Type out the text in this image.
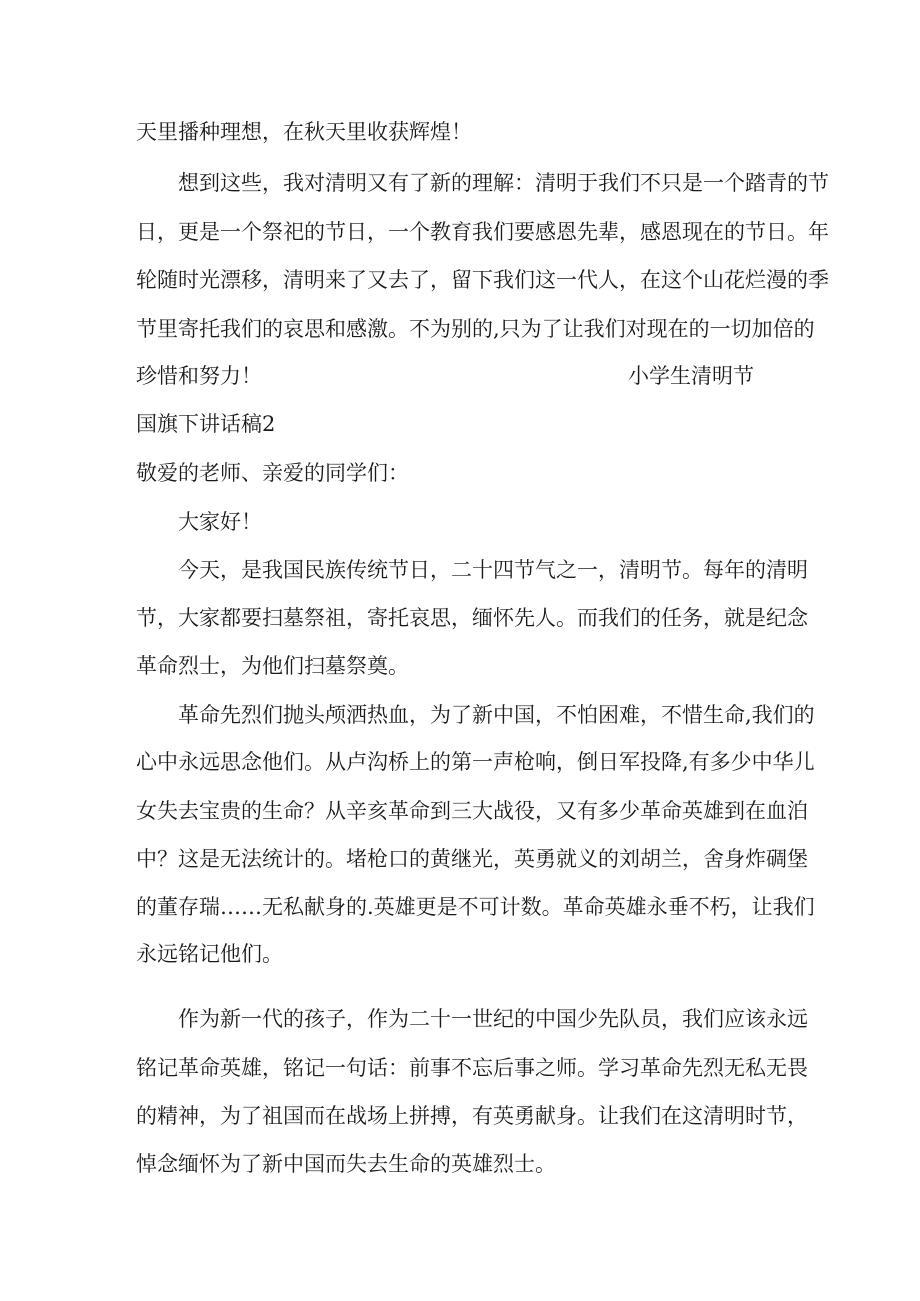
天里播种理想，在秋天里收获辉煌！
想到这些，我对清明又有了新的理解：清明于我们不只是一个踏青的节
日，更是一个祭祀的节日，一个教育我们要感恩先辈，感恩现在的节日。年
轮随时光漂移，清明来了又去了，留下我们这一代人，在这个山花烂漫的季
节里寄托我们的哀思和感激。不为别的,只为了让我们对现在的一切加倍的
珍惜和努力！	小学生清明节
国旗下讲话稿2
敬爱的老师、亲爱的同学们：
大家好！
今天，是我国民族传统节日，二十四节气之一，清明节。每年的清明
节，大家都要扫墓祭祖，寄托哀思，缅怀先人。而我们的任务，就是纪念
革命烈士，为他们扫墓祭奠。
革命先烈们抛头颅洒热血，为了新中国，不怕困难，不惜生命,我们的
心中永远思念他们。从卢沟桥上的第一声枪响，倒日军投降,有多少中华儿
女失去宝贵的生命？从辛亥革命到三大战役，又有多少革命英雄到在血泊
中？这是无法统计的。堵枪口的黄继光，英勇就义的刘胡兰，舍身炸碉堡
的董存瑞……无私献身的.英雄更是不可计数。革命英雄永垂不朽，让我们
永远铭记他们。
作为新一代的孩子，作为二十一世纪的中国少先队员，我们应该永远
铭记革命英雄，铭记一句话：前事不忘后事之师。学习革命先烈无私无畏
的精神，为了祖国而在战场上拼搏，有英勇献身。让我们在这清明时节，
悼念缅怀为了新中国而失去生命的英雄烈士。
